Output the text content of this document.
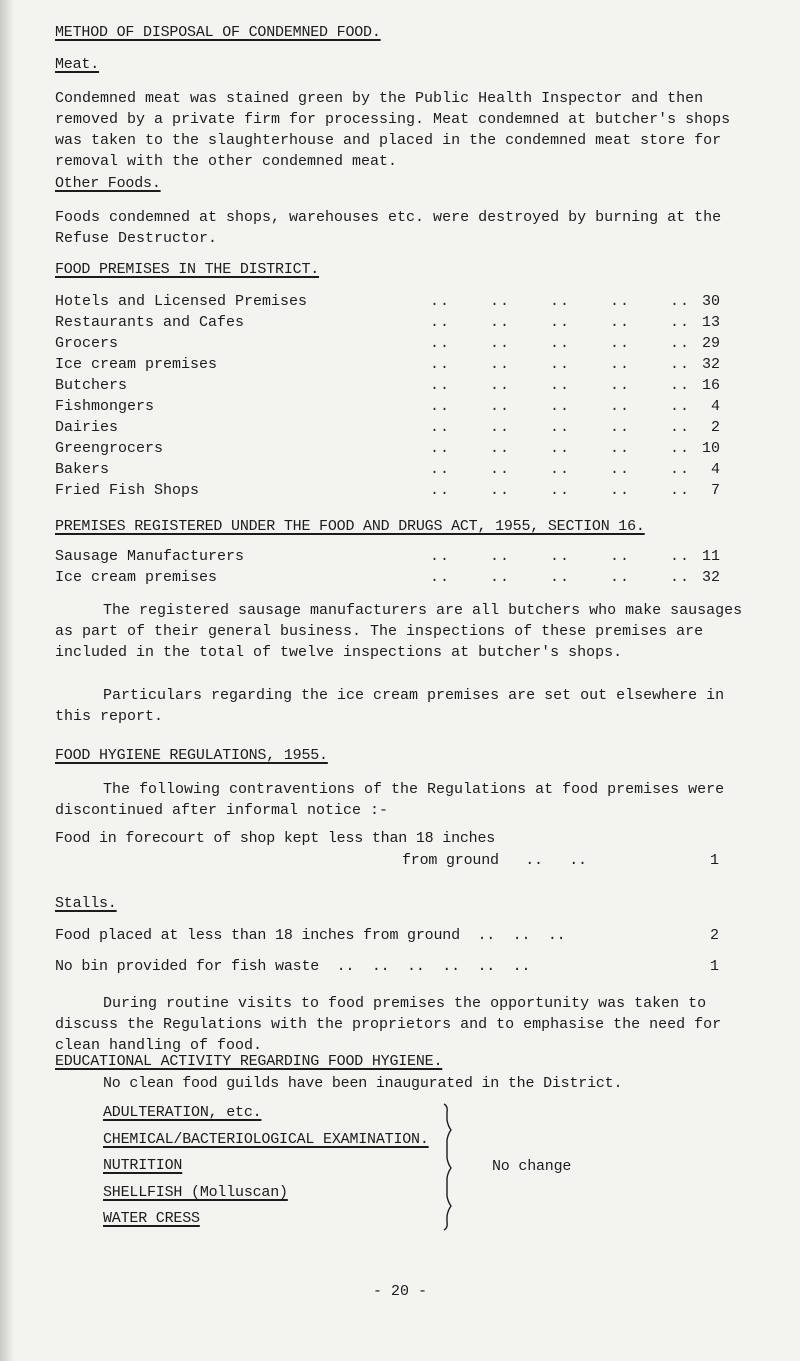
METHOD OF DISPOSAL OF CONDEMNED FOOD.
Meat.
Condemned meat was stained green by the Public Health Inspector and then removed by a private firm for processing. Meat condemned at butcher's shops was taken to the slaughterhouse and placed in the condemned meat store for removal with the other condemned meat.
Other Foods.
Foods condemned at shops, warehouses etc. were destroyed by burning at the Refuse Destructor.
FOOD PREMISES IN THE DISTRICT.
Hotels and Licensed Premises	..    ..    ..    ..    .. 30
Restaurants and Cafes	..    ..    ..    ..    .. 13
Grocers	..    ..    ..    ..    .. 29
Ice cream premises	..    ..    ..    ..    .. 32
Butchers	..    ..    ..    ..    .. 16
Fishmongers	..    ..    ..    ..    .. 4
Dairies	..    ..    ..    ..    .. 2
Greengrocers	..    ..    ..    ..    .. 10
Bakers	..    ..    ..    ..    .. 4
Fried Fish Shops	..    ..    ..    ..    .. 7
PREMISES REGISTERED UNDER THE FOOD AND DRUGS ACT, 1955, SECTION 16.
Sausage Manufacturers	..    ..    ..    ..    .. 11
Ice cream premises	..    ..    ..    ..    .. 32
The registered sausage manufacturers are all butchers who make sausages as part of their general business. The inspections of these premises are included in the total of twelve inspections at butcher's shops.
Particulars regarding the ice cream premises are set out elsewhere in this report.
FOOD HYGIENE REGULATIONS, 1955.
The following contraventions of the Regulations at food premises were discontinued after informal notice :-
Food in forecourt of shop kept less than 18 inches
from ground   ..   ..	1
Stalls.
Food placed at less than 18 inches from ground  ..  ..  ..	2
No bin provided for fish waste  ..  ..  ..  ..  ..  ..	1
During routine visits to food premises the opportunity was taken to discuss the Regulations with the proprietors and to emphasise the need for clean handling of food.
EDUCATIONAL ACTIVITY REGARDING FOOD HYGIENE.
No clean food guilds have been inaugurated in the District.
ADULTERATION, etc.
CHEMICAL/BACTERIOLOGICAL EXAMINATION.
NUTRITION
SHELLFISH (Molluscan)
WATER CRESS
No change
- 20 -
